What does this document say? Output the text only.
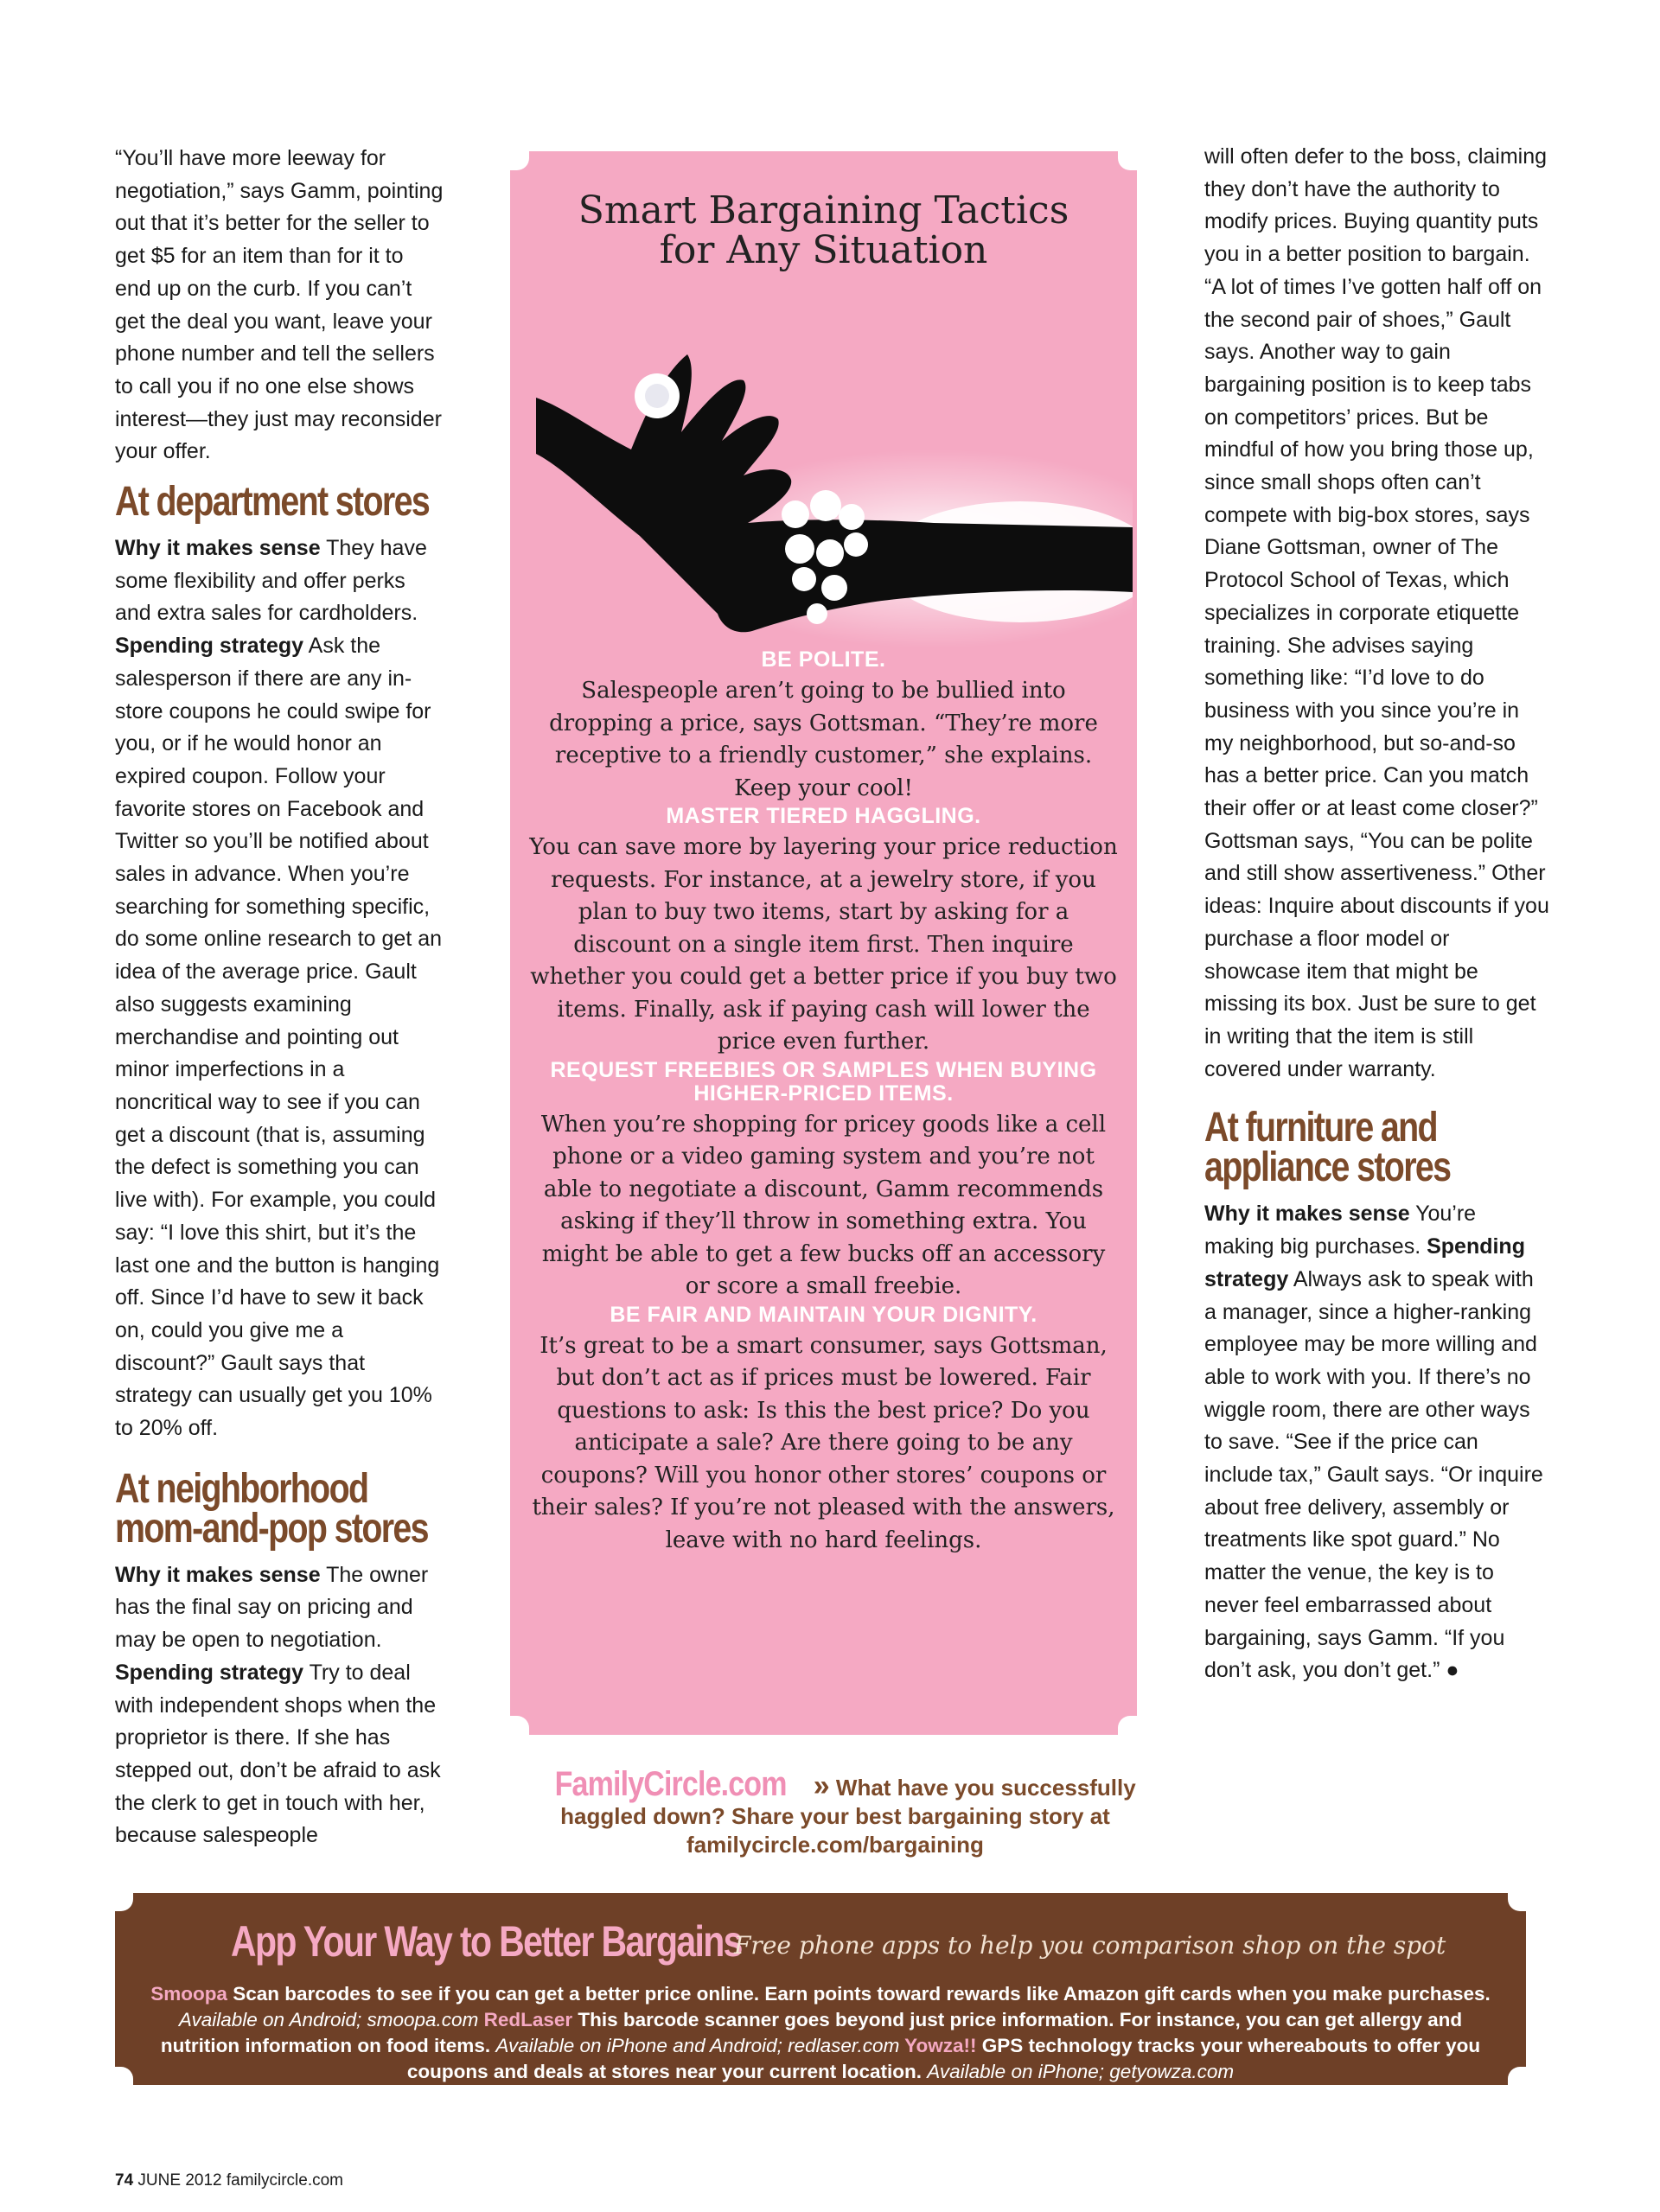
“You’ll have more leeway for negotiation,” says Gamm, pointing out that it’s better for the seller to get $5 for an item than for it to end up on the curb. If you can’t get the deal you want, leave your phone number and tell the sellers to call you if no one else shows interest—they just may reconsider your offer.

At department stores

Why it makes sense They have some flexibility and offer perks and extra sales for cardholders. Spending strategy Ask the salesperson if there are any in-store coupons he could swipe for you, or if he would honor an expired coupon. Follow your favorite stores on Facebook and Twitter so you’ll be notified about sales in advance. When you’re searching for something specific, do some online research to get an idea of the average price. Gault also suggests examining merchandise and pointing out minor imperfections in a noncritical way to see if you can get a discount (that is, assuming the defect is something you can live with). For example, you could say: “I love this shirt, but it’s the last one and the button is hanging off. Since I’d have to sew it back on, could you give me a discount?” Gault says that strategy can usually get you 10% to 20% off.

At neighborhood
mom-and-pop stores

Why it makes sense The owner has the final say on pricing and may be open to negotiation. Spending strategy Try to deal with independent shops when the proprietor is there. If she has stepped out, don’t be afraid to ask the clerk to get in touch with her, because salespeople

Smart Bargaining Tactics
for Any Situation
BE POLITE.
Salespeople aren’t going to be bullied into dropping a price, says Gottsman. “They’re more receptive to a friendly customer,” she explains. Keep your cool!
MASTER TIERED HAGGLING.
You can save more by layering your price reduction requests. For instance, at a jewelry store, if you plan to buy two items, start by asking for a discount on a single item first. Then inquire whether you could get a better price if you buy two items. Finally, ask if paying cash will lower the price even further.
REQUEST FREEBIES OR SAMPLES WHEN BUYING HIGHER-PRICED ITEMS.
When you’re shopping for pricey goods like a cell phone or a video gaming system and you’re not able to negotiate a discount, Gamm recommends asking if they’ll throw in something extra. You might be able to get a few bucks off an accessory or score a small freebie.
BE FAIR AND MAINTAIN YOUR DIGNITY.
It’s great to be a smart consumer, says Gottsman, but don’t act as if prices must be lowered. Fair questions to ask: Is this the best price? Do you anticipate a sale? Are there going to be any coupons? Will you honor other stores’ coupons or their sales? If you’re not pleased with the answers, leave with no hard feelings.
FamilyCircle.com » What have you successfully haggled down? Share your best bargaining story at familycircle.com/bargaining

will often defer to the boss, claiming they don’t have the authority to modify prices. Buying quantity puts you in a better position to bargain. “A lot of times I’ve gotten half off on the second pair of shoes,” Gault says. Another way to gain bargaining position is to keep tabs on competitors’ prices. But be mindful of how you bring those up, since small shops often can’t compete with big-box stores, says Diane Gottsman, owner of The Protocol School of Texas, which specializes in corporate etiquette training. She advises saying something like: “I’d love to do business with you since you’re in my neighborhood, but so-and-so has a better price. Can you match their offer or at least come closer?” Gottsman says, “You can be polite and still show assertiveness.” Other ideas: Inquire about discounts if you purchase a floor model or showcase item that might be missing its box. Just be sure to get in writing that the item is still covered under warranty.

At furniture and
appliance stores

Why it makes sense You’re making big purchases. Spending strategy Always ask to speak with a manager, since a higher-ranking employee may be more willing and able to work with you. If there’s no wiggle room, there are other ways to save. “See if the price can include tax,” Gault says. “Or inquire about free delivery, assembly or treatments like spot guard.” No matter the venue, the key is to never feel embarrassed about bargaining, says Gamm. “If you don’t ask, you don’t get.” ●

App Your Way to Better Bargains
Free phone apps to help you comparison shop on the spot
Smoopa Scan barcodes to see if you can get a better price online. Earn points toward rewards like Amazon gift cards when you make purchases. Available on Android; smoopa.com RedLaser This barcode scanner goes beyond just price information. For instance, you can get allergy and nutrition information on food items. Available on iPhone and Android; redlaser.com Yowza!! GPS technology tracks your whereabouts to offer you coupons and deals at stores near your current location. Available on iPhone; getyowza.com
74 JUNE 2012 familycircle.com
